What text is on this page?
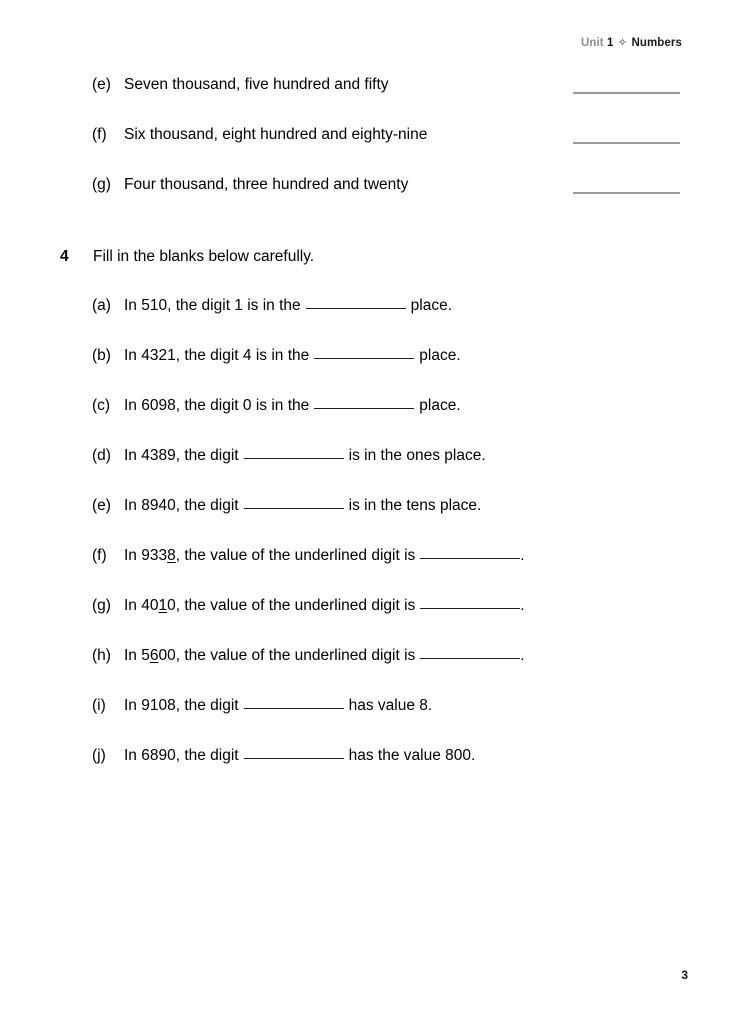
Unit 1 ✧ Numbers
(e) Seven thousand, five hundred and fifty
(f) Six thousand, eight hundred and eighty-nine
(g) Four thousand, three hundred and twenty
4 Fill in the blanks below carefully.
(a) In 510, the digit 1 is in the	place.
(b) In 4321, the digit 4 is in the	place.
(c) In 6098, the digit 0 is in the	place.
(d) In 4389, the digit	is in the ones place.
(e) In 8940, the digit	is in the tens place.
(f) In 9338, the value of the underlined digit is	.
(g) In 4010, the value of the underlined digit is	.
(h) In 5600, the value of the underlined digit is	.
(i) In 9108, the digit	has value 8.
(j) In 6890, the digit	has the value 800.
3
